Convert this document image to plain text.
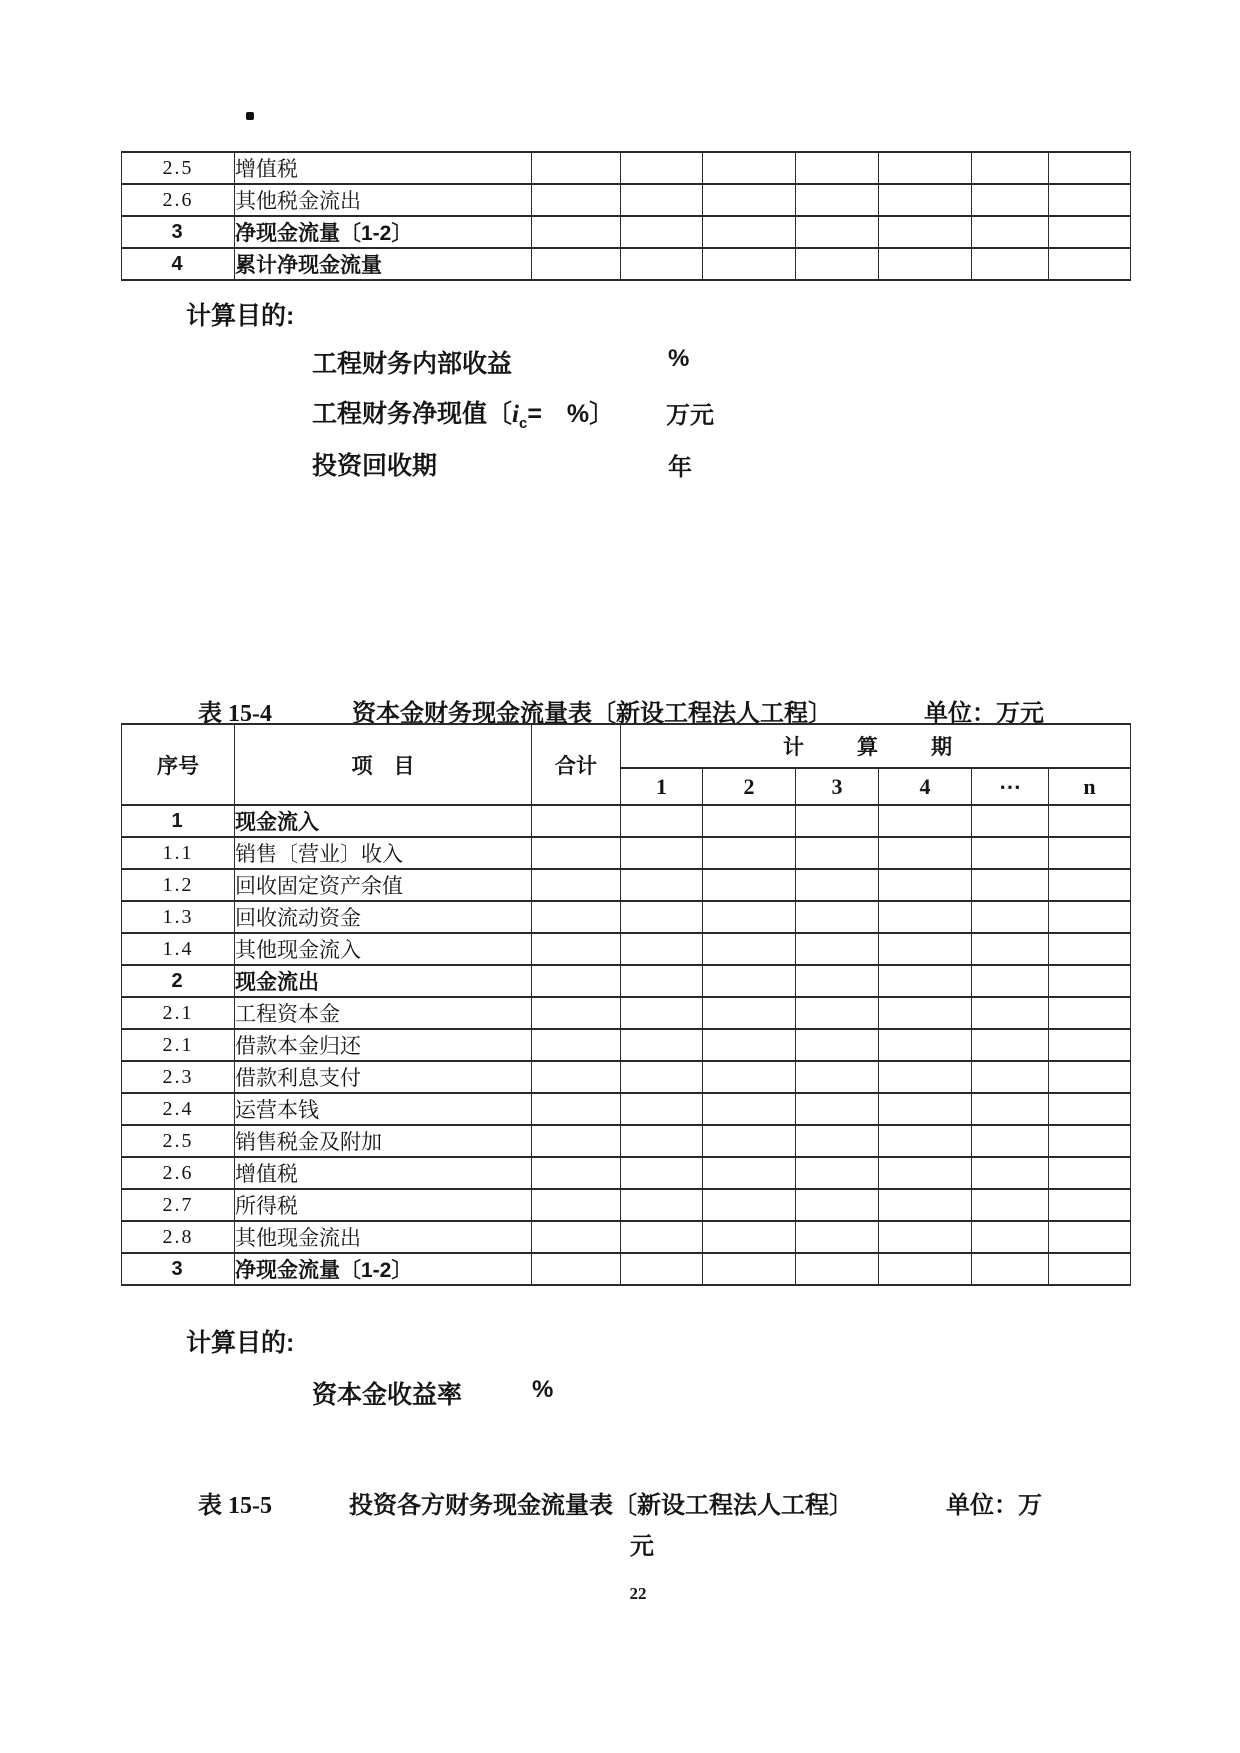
2.5	增值税							
2.6	其他税金流出							
3	净现金流量〔1-2〕							
4	累计净现金流量							
计算目的:
工程财务内部收益	%
工程财务净现值〔$i_c=$　%〕 万元
投资回收期	年
表 15-4	资本金财务现金流量表〔新设工程法人工程〕	单位：万元
序号	项　目	合计	计　算　期					
			1	2	3	4	⋯	n
1	现金流入							
1.1	销售〔营业〕收入							
1.2	回收固定资产余值							
1.3	回收流动资金							
1.4	其他现金流入							
2	现金流出							
2.1	工程资本金							
2.1	借款本金归还							
2.3	借款利息支付							
2.4	运营本钱							
2.5	销售税金及附加							
2.6	增值税							
2.7	所得税							
2.8	其他现金流出							
3	净现金流量〔1-2〕							
计算目的:
资本金收益率	%
表 15-5	投资各方财务现金流量表〔新设工程法人工程〕	单位：万
元
22
